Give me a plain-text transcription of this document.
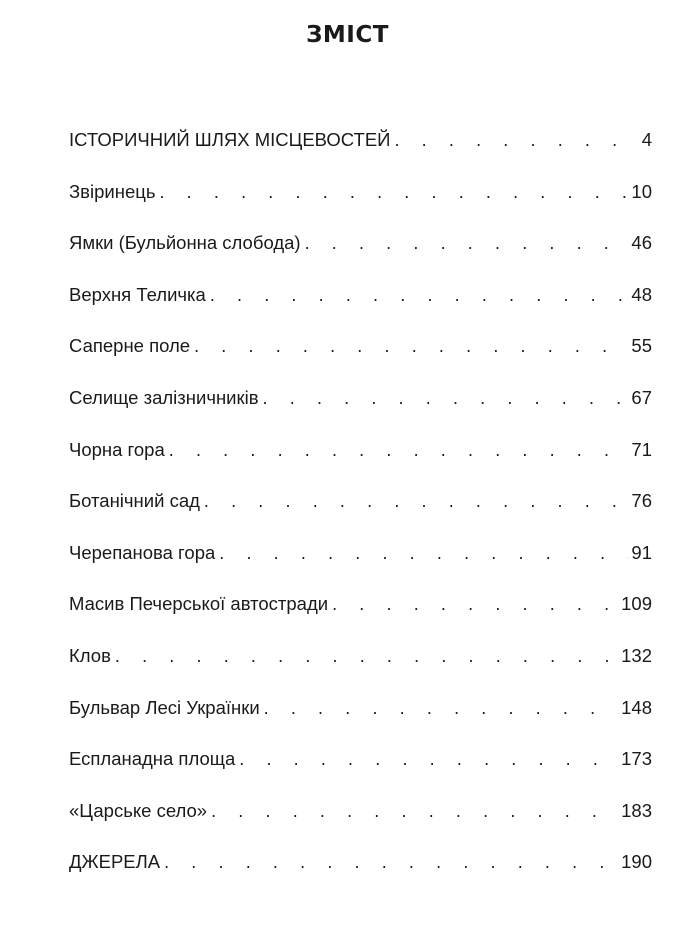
ЗМІСТ
ІСТОРИЧНИЙ ШЛЯХ МІСЦЕВОСТЕЙ . . .	4
Звіринець . . .	10
Ямки (Бульйонна слобода) . . .	46
Верхня Теличка . . .	48
Саперне поле . . .	55
Селище залізничників . . .	67
Чорна гора . . .	71
Ботанічний сад . . .	76
Черепанова гора . . .	91
Масив Печерської автостради . . .	109
Клов . . .	132
Бульвар Лесі Українки . . .	148
Еспланадна площа . . .	173
«Царське село» . . .	183
ДЖЕРЕЛА . . .	190
